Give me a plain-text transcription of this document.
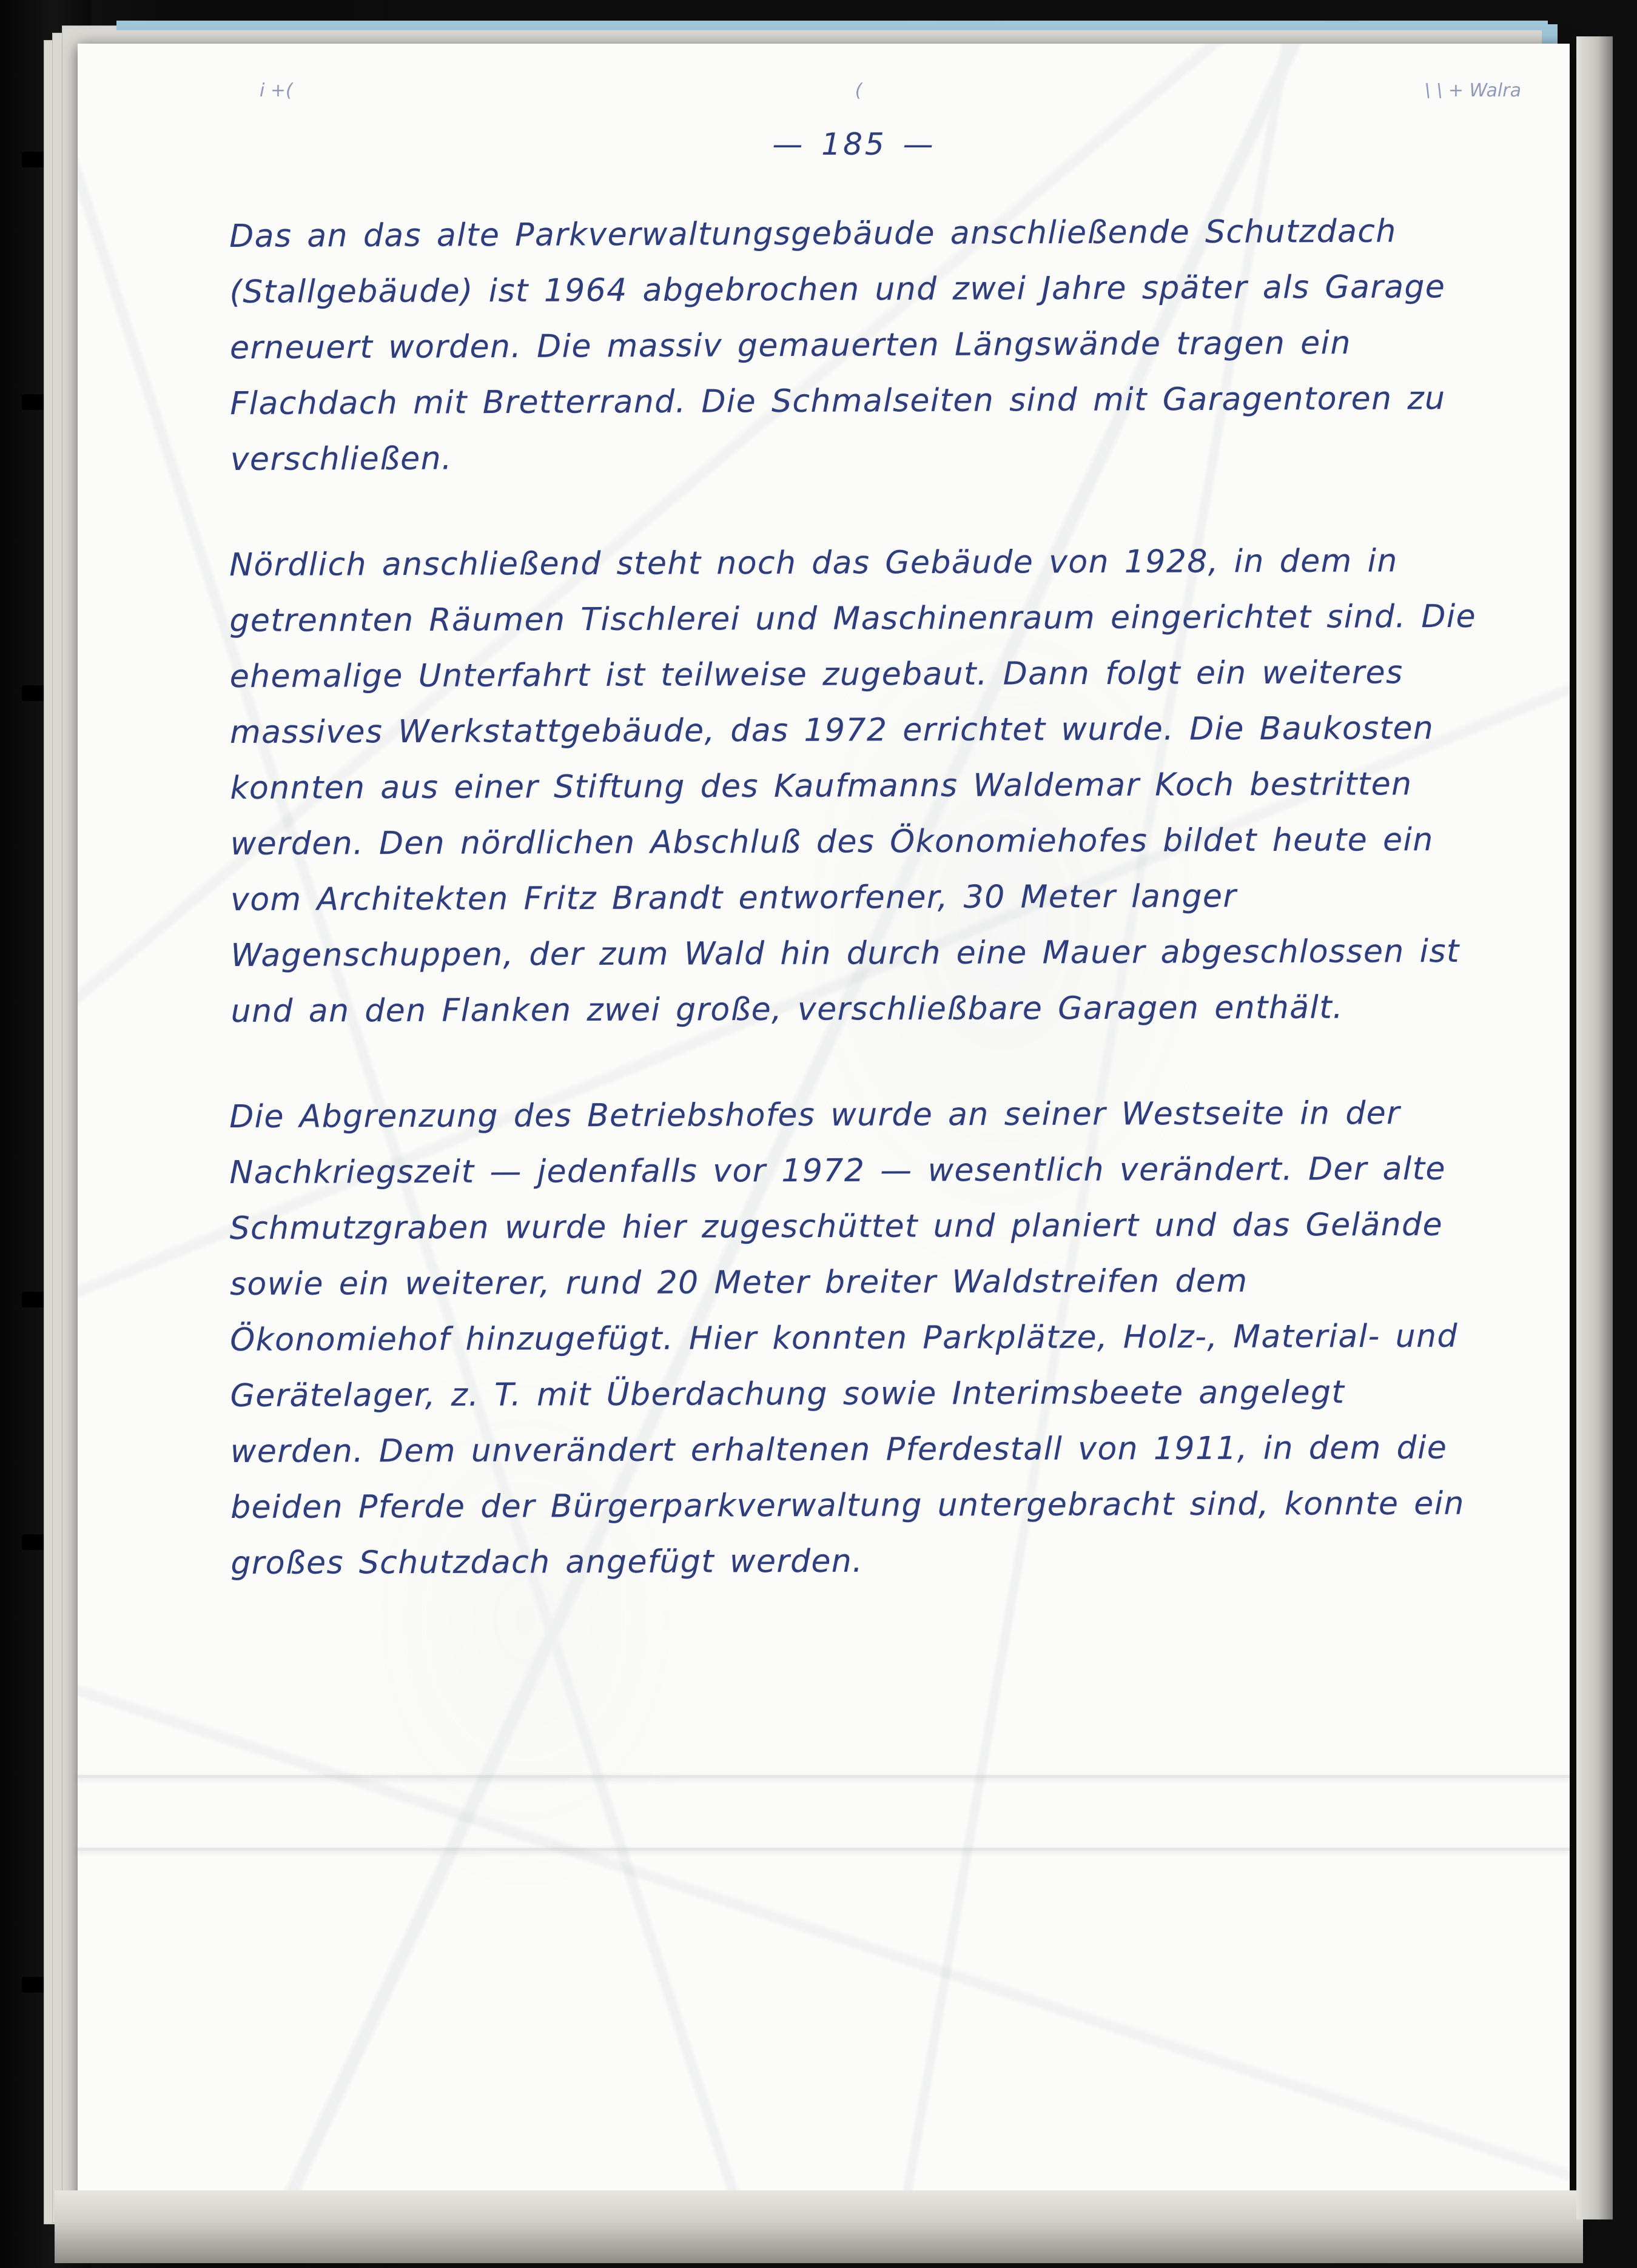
i +(	(	\ \ + Walra
— 185 —

Das an das alte Parkverwaltungsgebäude anschließende Schutzdach (Stallgebäude) ist 1964 abgebrochen und zwei Jahre später als Garage erneuert worden. Die massiv gemauerten Längswände tragen ein Flachdach mit Bretterrand. Die Schmalseiten sind mit Garagentoren zu verschließen.

Nördlich anschließend steht noch das Gebäude von 1928, in dem in getrennten Räumen Tischlerei und Maschinenraum eingerichtet sind. Die ehemalige Unterfahrt ist teilweise zugebaut. Dann folgt ein weiteres massives Werkstattgebäude, das 1972 errichtet wurde. Die Baukosten konnten aus einer Stiftung des Kaufmanns Waldemar Koch bestritten werden. Den nördlichen Abschluß des Ökonomiehofes bildet heute ein vom Architekten Fritz Brandt entworfener, 30 Meter langer Wagenschuppen, der zum Wald hin durch eine Mauer abgeschlossen ist und an den Flanken zwei große, verschließbare Garagen enthält.

Die Abgrenzung des Betriebshofes wurde an seiner Westseite in der Nachkriegszeit — jedenfalls vor 1972 — wesentlich verändert. Der alte Schmutzgraben wurde hier zugeschüttet und planiert und das Gelände sowie ein weiterer, rund 20 Meter breiter Waldstreifen dem Ökonomiehof hinzugefügt. Hier konnten Parkplätze, Holz-, Material- und Gerätelager, z. T. mit Überdachung sowie Interimsbeete angelegt werden. Dem unverändert erhaltenen Pferdestall von 1911, in dem die beiden Pferde der Bürgerparkverwaltung untergebracht sind, konnte ein großes Schutzdach angefügt werden.
